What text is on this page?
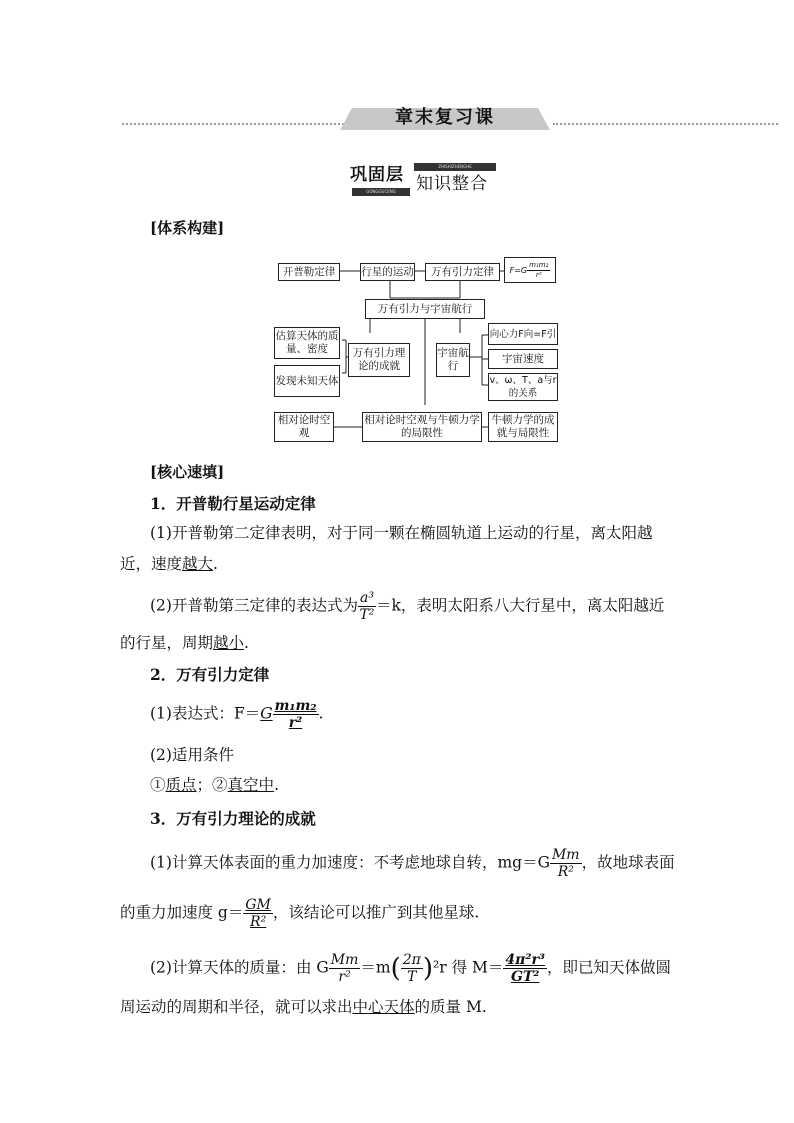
章末复习课
巩固层
GONGGUCENG
ZHISHIZHENGHE
知识整合
[体系构建]
开普勒定律	行星的运动	万有引力定律	$F=G \frac{\text{m₁m₂}}{\text{r²}}$
万有引力与宇宙航行
估算天体的质量、密度
发现未知天体
万有引力理论的成就
宇宙航行
向心力F向=F引
宇宙速度
v、ω、T、a与r的关系
相对论时空观
相对论时空观与牛顿力学的局限性
牛顿力学的成就与局限性
[核心速填]
1．开普勒行星运动定律
(1)开普勒第二定律表明，对于同一颗在椭圆轨道上运动的行星，离太阳越
近，速度越大.
(2)开普勒第三定律的表达式为 $\frac{\text{a³}}{\text{T²}} =k$，表明太阳系八大行星中，离太阳越近
的行星，周期越小.
2．万有引力定律
(1)表达式：$F=G \frac{\text{m₁m₂}}{\text{r²}}$ .
(2)适用条件
①质点；②真空中.
3．万有引力理论的成就
(1)计算天体表面的重力加速度：不考虑地球自转，$mg=G \frac{Mm}{\text{R²}}$ ，故地球表面
的重力加速度 $g= \frac{GM}{\text{R²}}$ ，该结论可以推广到其他星球.
(2)计算天体的质量：由 G $\frac{Mm}{\text{r²}} =m( \frac{2\pi}{T} )^2r$ 得 $M= \frac{\text{4π²r³}}{\text{GT²}}$ ，即已知天体做圆
周运动的周期和半径，就可以求出中心天体的质量 M.
